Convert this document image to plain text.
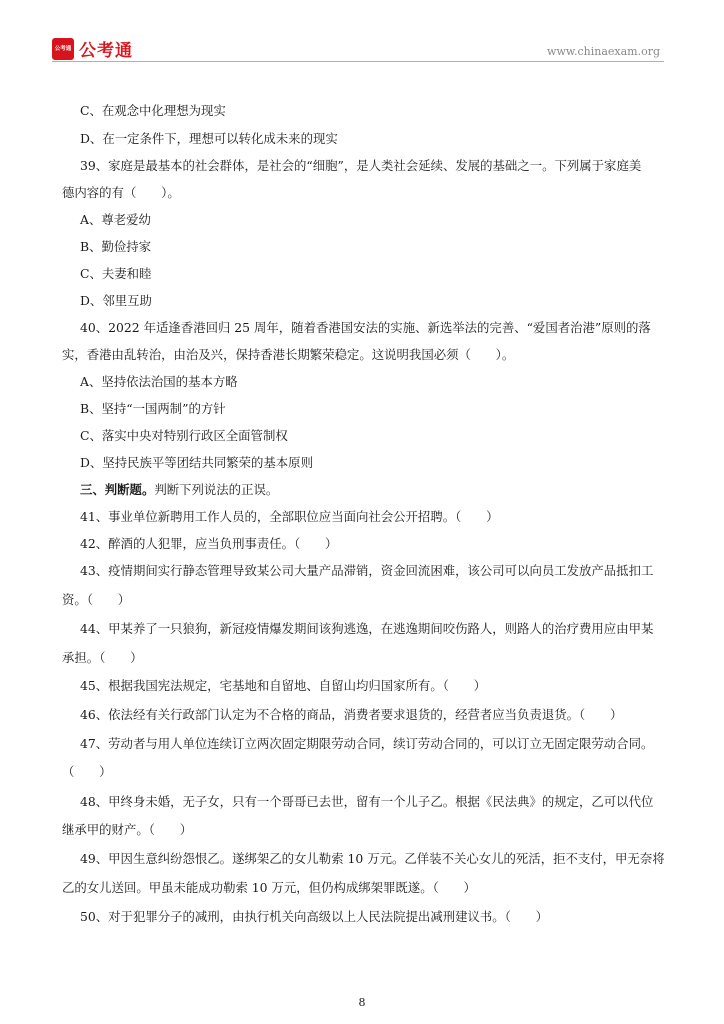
公考通 公考通	www.chinaexam.org
C、在观念中化理想为现实
D、在一定条件下，理想可以转化成未来的现实
39、家庭是最基本的社会群体，是社会的“细胞”，是人类社会延续、发展的基础之一。下列属于家庭美
德内容的有（　　）。
A、尊老爱幼
B、勤俭持家
C、夫妻和睦
D、邻里互助
40、2022 年适逢香港回归 25 周年，随着香港国安法的实施、新选举法的完善、“爱国者治港”原则的落
实，香港由乱转治，由治及兴，保持香港长期繁荣稳定。这说明我国必须（　　）。
A、坚持依法治国的基本方略
B、坚持“一国两制”的方针
C、落实中央对特别行政区全面管制权
D、坚持民族平等团结共同繁荣的基本原则
三、判断题。判断下列说法的正误。
41、事业单位新聘用工作人员的，全部职位应当面向社会公开招聘。（　　）
42、醉酒的人犯罪，应当负刑事责任。（　　）
43、疫情期间实行静态管理导致某公司大量产品滞销，资金回流困难，该公司可以向员工发放产品抵扣工
资。（　　）
44、甲某养了一只狼狗，新冠疫情爆发期间该狗逃逸，在逃逸期间咬伤路人，则路人的治疗费用应由甲某
承担。（　　）
45、根据我国宪法规定，宅基地和自留地、自留山均归国家所有。（　　）
46、依法经有关行政部门认定为不合格的商品，消费者要求退货的，经营者应当负责退货。（　　）
47、劳动者与用人单位连续订立两次固定期限劳动合同，续订劳动合同的，可以订立无固定限劳动合同。
（　　）
48、甲终身未婚，无子女，只有一个哥哥已去世，留有一个儿子乙。根据《民法典》的规定，乙可以代位
继承甲的财产。（　　）
49、甲因生意纠纷怨恨乙。遂绑架乙的女儿勒索 10 万元。乙佯装不关心女儿的死活，拒不支付，甲无奈将
乙的女儿送回。甲虽未能成功勒索 10 万元，但仍构成绑架罪既遂。（　　）
50、对于犯罪分子的减刑，由执行机关向高级以上人民法院提出减刑建议书。（　　）
8
